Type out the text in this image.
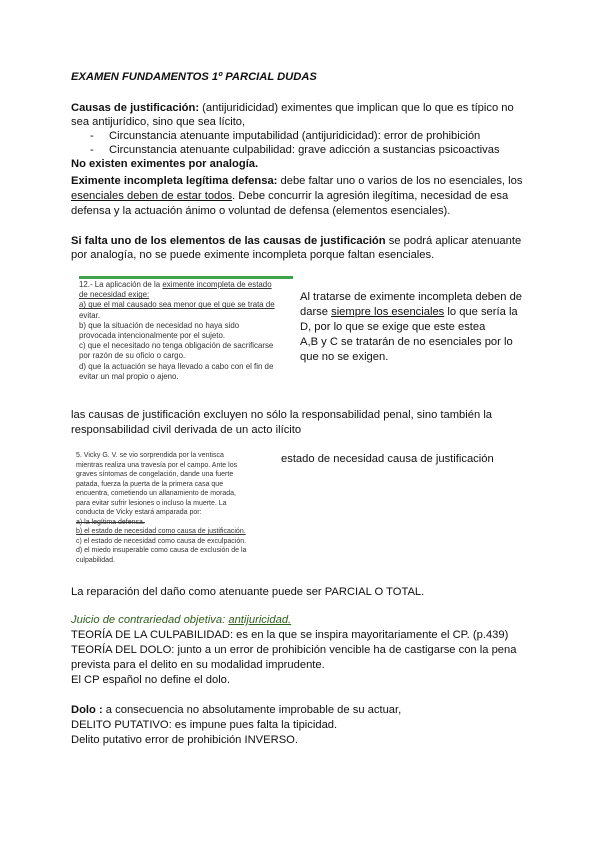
EXAMEN FUNDAMENTOS 1º PARCIAL DUDAS
Causas de justificación: (antijuridicidad) eximentes que implican que lo que es típico no
sea antijurídico, sino que sea lícito,
- Circunstancia atenuante imputabilidad (antijuridicidad): error de prohibición
- Circunstancia atenuante culpabilidad: grave adicción a sustancias psicoactivas
No existen eximentes por analogía.
Eximente incompleta legítima defensa: debe faltar uno o varios de los no esenciales, los
esenciales deben de estar todos. Debe concurrir la agresión ilegítima, necesidad de esa
defensa y la actuación ánimo o voluntad de defensa (elementos esenciales).
Si falta uno de los elementos de las causas de justificación se podrá aplicar atenuante
por analogía, no se puede eximente incompleta porque faltan esenciales.
12.- La aplicación de la eximente incompleta de estado
de necesidad exige:
a) que el mal causado sea menor que el que se trata de
evitar.
b) que la situación de necesidad no haya sido
provocada intencionalmente por el sujeto.
c) que el necesitado no tenga obligación de sacrificarse
por razón de su oficio o cargo.
d) que la actuación se haya llevado a cabo con el fin de
evitar un mal propio o ajeno.
Al tratarse de eximente incompleta deben de
darse siempre los esenciales lo que sería la
D, por lo que se exige que este estea
A,B y C se tratarán de no esenciales por lo
que no se exigen.
las causas de justificación excluyen no sólo la responsabilidad penal, sino también la
responsabilidad civil derivada de un acto ilícito
5. Vicky G. V. se vio sorprendida por la ventisca
mientras realiza una travesía por el campo. Ante los
graves síntomas de congelación, dande una fuerte
patada, fuerza la puerta de la primera casa que
encuentra, cometiendo un allanamiento de morada,
para evitar sufrir lesiones o incluso la muerte. La
conducta de Vicky estará amparada por:
a) la legítima defensa.
b) el estado de necesidad como causa de justificación.
c) el estado de necesidad como causa de exculpación.
d) el miedo insuperable como causa de exclusión de la
culpabilidad.
estado de necesidad causa de justificación
La reparación del daño como atenuante puede ser PARCIAL O TOTAL.
Juicio de contrariedad objetiva: antijuricidad.
TEORÍA DE LA CULPABILIDAD: es en la que se inspira mayoritariamente el CP. (p.439)
TEORÍA DEL DOLO: junto a un error de prohibición vencible ha de castigarse con la pena
prevista para el delito en su modalidad imprudente.
El CP español no define el dolo.
Dolo : a consecuencia no absolutamente improbable de su actuar,
DELITO PUTATIVO: es impune pues falta la tipicidad.
Delito putativo error de prohibición INVERSO.
